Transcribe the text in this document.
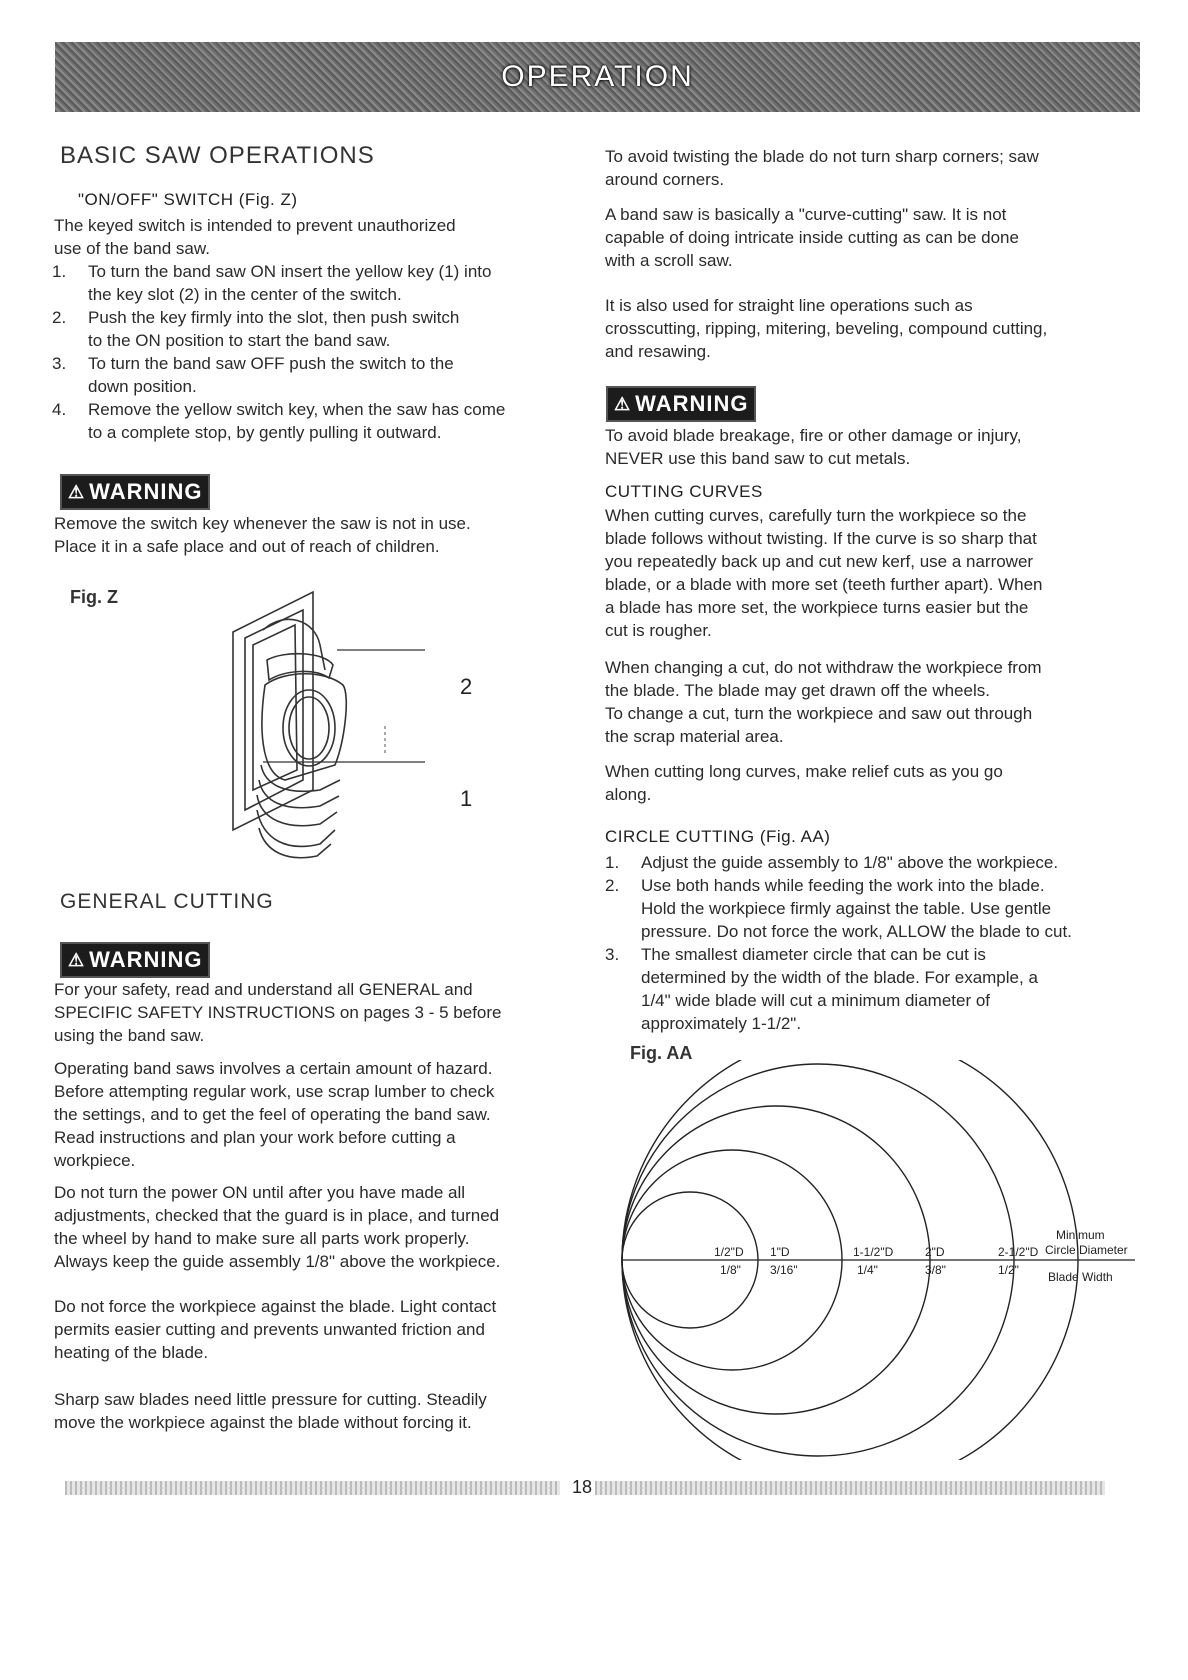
OPERATION
BASIC SAW OPERATIONS
"ON/OFF" SWITCH (Fig. Z)
The keyed switch is intended to prevent unauthorized
use of the band saw.
1.	To turn the band saw ON insert the yellow key (1) into
the key slot (2) in the center of the switch.
2.	Push the key firmly into the slot, then push switch
to the ON position to start the band saw.
3.	To turn the band saw OFF push the switch to the
down position.
4.	Remove the yellow switch key, when the saw has come
to a complete stop, by gently pulling it outward.
⚠ WARNING
Remove the switch key whenever the saw is not in use.
Place it in a safe place and out of reach of children.
Fig. Z
2
1
GENERAL CUTTING
⚠ WARNING
For your safety, read and understand all GENERAL and
SPECIFIC SAFETY INSTRUCTIONS on pages 3 - 5 before
using the band saw.
Operating band saws involves a certain amount of hazard.
Before attempting regular work, use scrap lumber to check
the settings, and to get the feel of operating the band saw.
Read instructions and plan your work before cutting a
workpiece.
Do not turn the power ON until after you have made all
adjustments, checked that the guard is in place, and turned
the wheel by hand to make sure all parts work properly.
Always keep the guide assembly 1/8" above the workpiece.
Do not force the workpiece against the blade. Light contact
permits easier cutting and prevents unwanted friction and
heating of the blade.
Sharp saw blades need little pressure for cutting. Steadily
move the workpiece against the blade without forcing it.
To avoid twisting the blade do not turn sharp corners; saw
around corners.
A band saw is basically a "curve-cutting" saw. It is not
capable of doing intricate inside cutting as can be done
with a scroll saw.
It is also used for straight line operations such as
crosscutting, ripping, mitering, beveling, compound cutting,
and resawing.
⚠ WARNING
To avoid blade breakage, fire or other damage or injury,
NEVER use this band saw to cut metals.
CUTTING CURVES
When cutting curves, carefully turn the workpiece so the
blade follows without twisting. If the curve is so sharp that
you repeatedly back up and cut new kerf, use a narrower
blade, or a blade with more set (teeth further apart). When
a blade has more set, the workpiece turns easier but the
cut is rougher.
When changing a cut, do not withdraw the workpiece from
the blade. The blade may get drawn off the wheels.
To change a cut, turn the workpiece and saw out through
the scrap material area.
When cutting long curves, make relief cuts as you go
along.
CIRCLE CUTTING (Fig. AA)
1.	Adjust the guide assembly to 1/8" above the workpiece.
2.	Use both hands while feeding the work into the blade.
Hold the workpiece firmly against the table. Use gentle
pressure. Do not force the work, ALLOW the blade to cut.
3.	The smallest diameter circle that can be cut is
determined by the width of the blade. For example, a
1/4" wide blade will cut a minimum diameter of
approximately 1-1/2".
Fig. AA
1/2"D 1"D	1-1/2"D	2"D	2-1/2"D
1/8" 3/16"	1/4"	3/8"	1/2"
Minimum
Circle Diameter
Blade Width
18
